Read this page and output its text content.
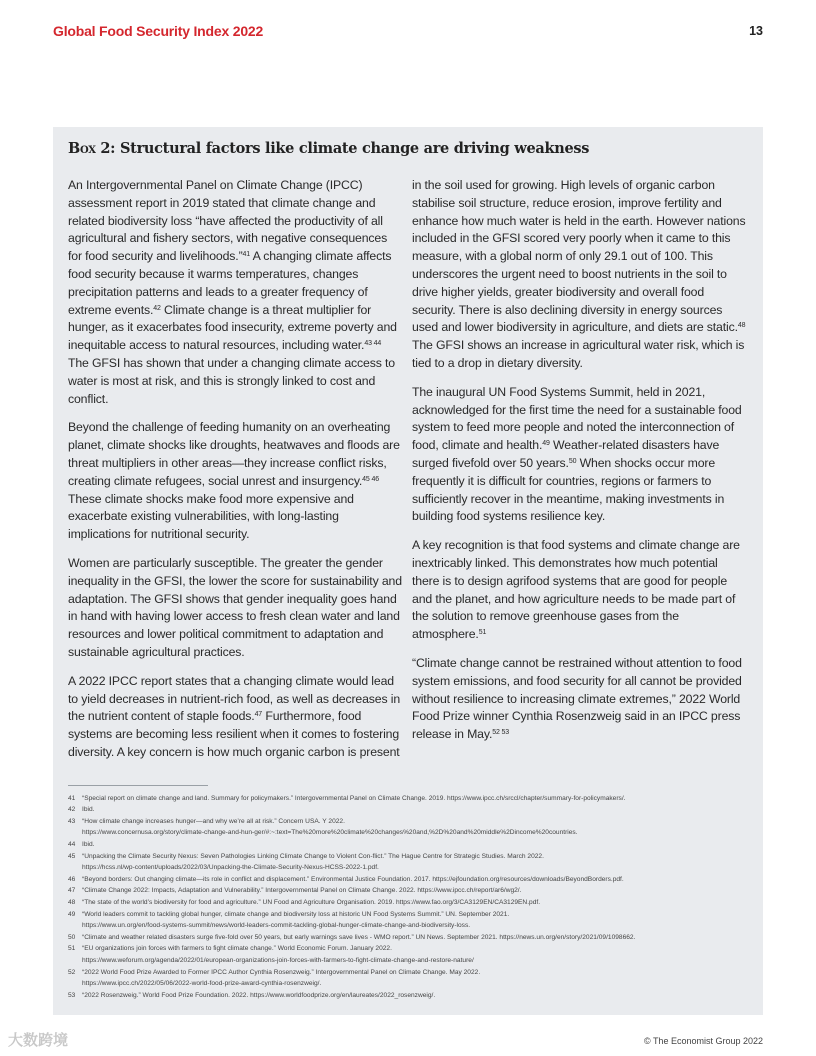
Global Food Security Index 2022	13
Box 2: Structural factors like climate change are driving weakness

An Intergovernmental Panel on Climate Change (IPCC) assessment report in 2019 stated that climate change and related biodiversity loss “have affected the productivity of all agricultural and fishery sectors, with negative consequences for food security and livelihoods.”$^{41}$ A changing climate affects food security because it warms temperatures, changes precipitation patterns and leads to a greater frequency of extreme events.$^{42}$ Climate change is a threat multiplier for hunger, as it exacerbates food insecurity, extreme poverty and inequitable access to natural resources, including water.$^{43 44}$ The GFSI has shown that under a changing climate access to water is most at risk, and this is strongly linked to cost and conflict.

Beyond the challenge of feeding humanity on an overheating planet, climate shocks like droughts, heatwaves and floods are threat multipliers in other areas—they increase conflict risks, creating climate refugees, social unrest and insurgency.$^{45 46}$ These climate shocks make food more expensive and exacerbate existing vulnerabilities, with long-lasting implications for nutritional security.

Women are particularly susceptible. The greater the gender inequality in the GFSI, the lower the score for sustainability and adaptation. The GFSI shows that gender inequality goes hand in hand with having lower access to fresh clean water and land resources and lower political commitment to adaptation and sustainable agricultural practices.

A 2022 IPCC report states that a changing climate would lead to yield decreases in nutrient-rich food, as well as decreases in the nutrient content of staple foods.$^{47}$ Furthermore, food systems are becoming less resilient when it comes to fostering diversity. A key concern is how much organic carbon is present

in the soil used for growing. High levels of organic carbon stabilise soil structure, reduce erosion, improve fertility and enhance how much water is held in the earth. However nations included in the GFSI scored very poorly when it came to this measure, with a global norm of only 29.1 out of 100. This underscores the urgent need to boost nutrients in the soil to drive higher yields, greater biodiversity and overall food security. There is also declining diversity in energy sources used and lower biodiversity in agriculture, and diets are static.$^{48}$ The GFSI shows an increase in agricultural water risk, which is tied to a drop in dietary diversity.

The inaugural UN Food Systems Summit, held in 2021, acknowledged for the first time the need for a sustainable food system to feed more people and noted the interconnection of food, climate and health.$^{49}$ Weather-related disasters have surged fivefold over 50 years.$^{50}$ When shocks occur more frequently it is difficult for countries, regions or farmers to sufficiently recover in the meantime, making investments in building food systems resilience key.

A key recognition is that food systems and climate change are inextricably linked. This demonstrates how much potential there is to design agrifood systems that are good for people and the planet, and how agriculture needs to be made part of the solution to remove greenhouse gases from the atmosphere.$^{51}$

“Climate change cannot be restrained without attention to food system emissions, and food security for all cannot be provided without resilience to increasing climate extremes,” 2022 World Food Prize winner Cynthia Rosenzweig said in an IPCC press release in May.$^{52 53}$

41	“Special report on climate change and land. Summary for policymakers.” Intergovernmental Panel on Climate Change. 2019. https://www.ipcc.ch/srccl/chapter/summary-for-policymakers/.
42	Ibid.
43	“How climate change increases hunger—and why we’re all at risk.” Concern USA. Y 2022.
https://www.concernusa.org/story/climate-change-and-hun-ger/#:~:text=The%20more%20climate%20changes%20and,%2D%20and%20middle%2Dincome%20countries.
44	Ibid.
45	“Unpacking the Climate Security Nexus: Seven Pathologies Linking Climate Change to Violent Con-flict.” The Hague Centre for Strategic Studies. March 2022.
https://hcss.nl/wp-content/uploads/2022/03/Unpacking-the-Climate-Security-Nexus-HCSS-2022-1.pdf.
46	“Beyond borders: Out changing climate—its role in conflict and displacement.” Environmental Justice Foundation. 2017. https://ejfoundation.org/resources/downloads/BeyondBorders.pdf.
47	“Climate Change 2022: Impacts, Adaptation and Vulnerability.” Intergovernmental Panel on Climate Change. 2022. https://www.ipcc.ch/report/ar6/wg2/.
48	“The state of the world’s biodiversity for food and agriculture.” UN Food and Agriculture Organisation. 2019. https://www.fao.org/3/CA3129EN/CA3129EN.pdf.
49	“World leaders commit to tackling global hunger, climate change and biodiversity loss at historic UN Food Systems Summit.” UN. September 2021.
https://www.un.org/en/food-systems-summit/news/world-leaders-commit-tackling-global-hunger-climate-change-and-biodiversity-loss.
50	“Climate and weather related disasters surge five-fold over 50 years, but early warnings save lives - WMO report.” UN News. September 2021. https://news.un.org/en/story/2021/09/1098662.
51	“EU organizations join forces with farmers to fight climate change.” World Economic Forum. January 2022.
https://www.weforum.org/agenda/2022/01/european-organizations-join-forces-with-farmers-to-fight-climate-change-and-restore-nature/
52	“2022 World Food Prize Awarded to Former IPCC Author Cynthia Rosenzweig.” Intergovernmental Panel on Climate Change. May 2022.
https://www.ipcc.ch/2022/05/06/2022-world-food-prize-award-cynthia-rosenzweig/.
53	“2022 Rosenzweig.” World Food Prize Foundation. 2022. https://www.worldfoodprize.org/en/laureates/2022_rosenzweig/.
© The Economist Group 2022
大数跨境
